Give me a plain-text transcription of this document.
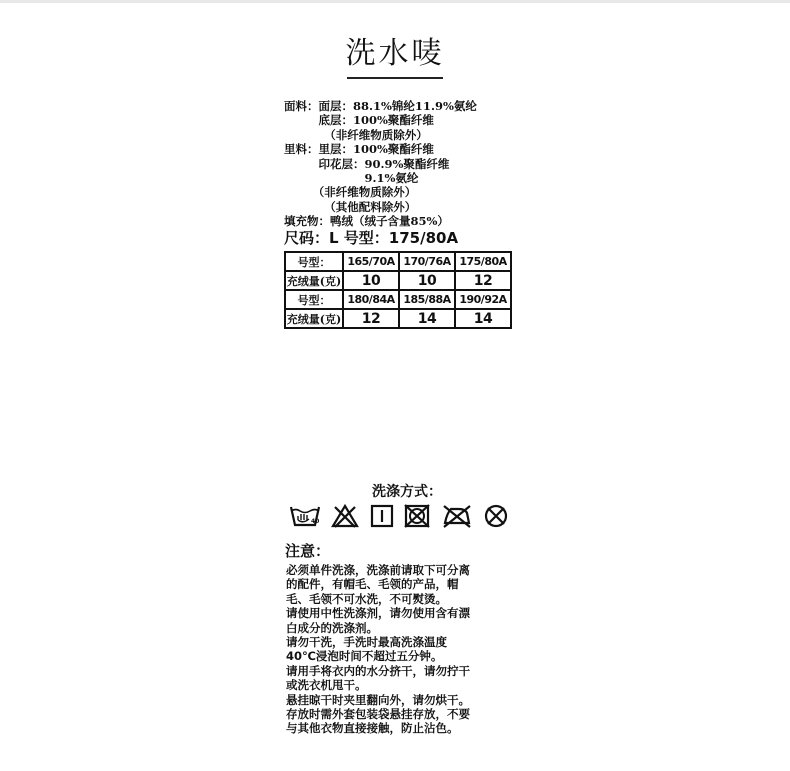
洗水唛
面料：面层：88.1%锦纶11.9%氨纶
　　　底层：100%聚酯纤维
　　　　（非纤维物质除外）
里料：里层：100%聚酯纤维
　　　印花层：90.9%聚酯纤维
　　　　　　　9.1%氨纶
　　　（非纤维物质除外）
　　　　（其他配料除外）
填充物：鸭绒（绒子含量85%）
尺码：L 号型：175/80A
号型：	165/70A	170/76A	175/80A
充绒量(克)	10	10	12
号型：	180/84A	185/88A	190/92A
充绒量(克)	12	14	14
洗涤方式：
40
注意：
必须单件洗涤，洗涤前请取下可分离
的配件，有帽毛、毛领的产品，帽
毛、毛领不可水洗，不可熨烫。
请使用中性洗涤剂，请勿使用含有漂
白成分的洗涤剂。
请勿干洗，手洗时最高洗涤温度
40℃浸泡时间不超过五分钟。
请用手将衣内的水分挤干，请勿拧干
或洗衣机甩干。
悬挂晾干时夹里翻向外，请勿烘干。
存放时需外套包装袋悬挂存放，不要
与其他衣物直接接触，防止沾色。
